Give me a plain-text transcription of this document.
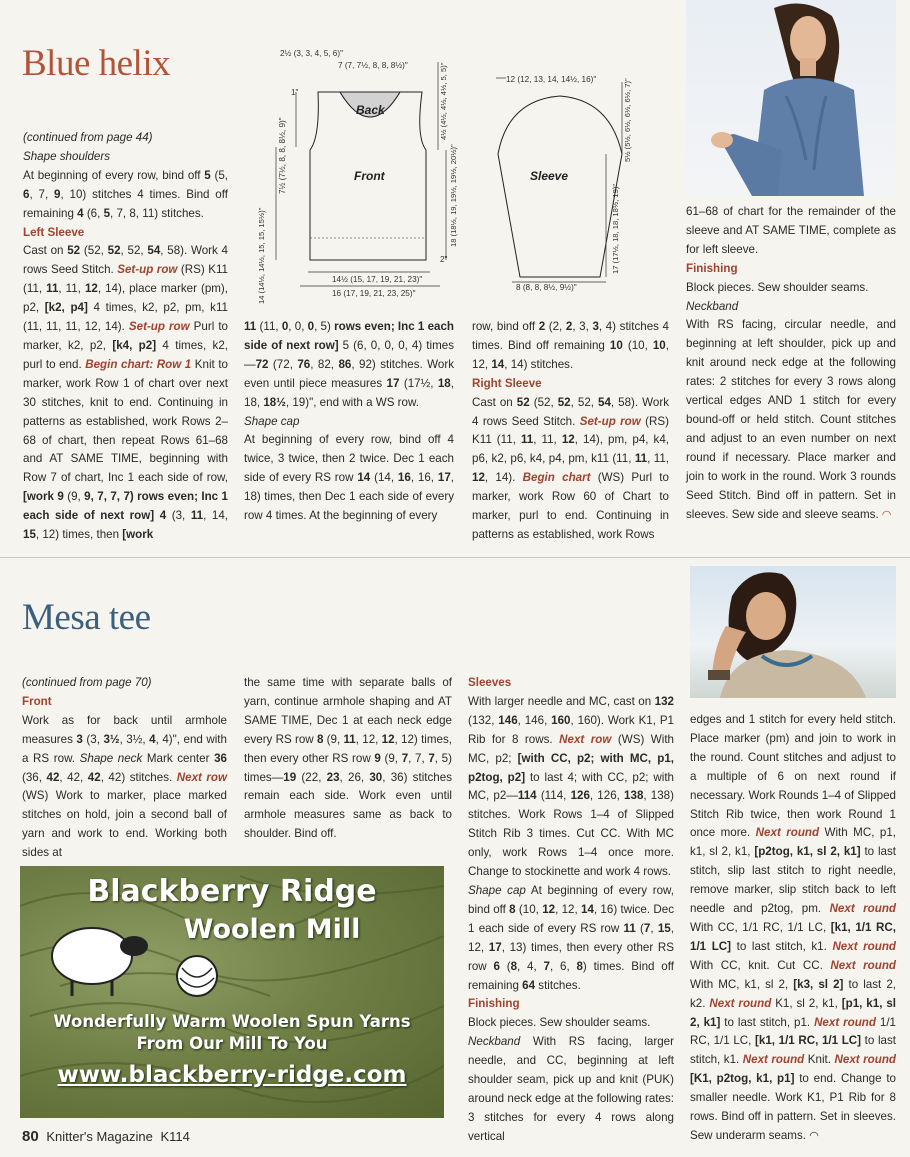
Blue helix	2½ (3, 3, 4, 5, 6)"
7 (7, 7½, 8, 8, 8½)"
1"
7½ (7½, 8, 8, 8½, 9)"
14 (14½, 14½, 15, 15, 15½)"	14½ (15, 17, 19, 21, 23)"
16 (17, 19, 21, 23, 25)"
2"
18 (18½, 19, 19½, 19½, 20½)"
4½ (4½, 4½, 4½, 5, 5)"	12 (12, 13, 14, 14½, 16)"	5½ (5½, 6½, 6½, 6½, 7)"
17 (17½, 18, 18, 18½, 19)"
8 (8, 8, 8½, 9½)"
Back
Front	Sleeve

(continued from page 44)

Shape shoulders

At beginning of every row, bind off 5 (5, 6, 7, 9, 10) stitches 4 times. Bind off remaining 4 (6, 5, 7, 8, 11) stitches.

Left Sleeve

Cast on 52 (52, 52, 52, 54, 58). Work 4 rows Seed Stitch. Set-up row (RS) K11 (11, 11, 11, 12, 14), place marker (pm), p2, [k2, p4] 4 times, k2, p2, pm, k11 (11, 11, 11, 12, 14). Set-up row Purl to marker, k2, p2, [k4, p2] 4 times, k2, purl to end. Begin chart: Row 1 Knit to marker, work Row 1 of chart over next 30 stitches, knit to end. Continuing in patterns as established, work Rows 2–68 of chart, then repeat Rows 61–68 and AT SAME TIME, beginning with Row 7 of chart, Inc 1 each side of row, [work 9 (9, 9, 7, 7, 7) rows even; Inc 1 each side of next row] 4 (3, 11, 14, 15, 12) times, then [work

11 (11, 0, 0, 0, 5) rows even; Inc 1 each side of next row] 5 (6, 0, 0, 0, 4) times—72 (72, 76, 82, 86, 92) stitches. Work even until piece measures 17 (17½, 18, 18, 18½, 19)", end with a WS row.

Shape cap

At beginning of every row, bind off 4 twice, 3 twice, then 2 twice. Dec 1 each side of every RS row 14 (14, 16, 16, 17, 18) times, then Dec 1 each side of every row 4 times. At the beginning of every

row, bind off 2 (2, 2, 3, 3, 4) stitches 4 times. Bind off remaining 10 (10, 10, 12, 14, 14) stitches.

Right Sleeve

Cast on 52 (52, 52, 52, 54, 58). Work 4 rows Seed Stitch. Set-up row (RS) K11 (11, 11, 11, 12, 14), pm, p4, k4, p6, k2, p6, k4, p4, pm, k11 (11, 11, 11, 12, 14). Begin chart (WS) Purl to marker, work Row 60 of Chart to marker, purl to end. Continuing in patterns as established, work Rows

61–68 of chart for the remainder of the sleeve and AT SAME TIME, complete as for left sleeve.

Finishing

Block pieces. Sew shoulder seams.

Neckband

With RS facing, circular needle, and beginning at left shoulder, pick up and knit around neck edge at the following rates: 2 stitches for every 3 rows along vertical edges AND 1 stitch for every bound-off or held stitch. Count stitches and adjust to an even number on next round if necessary. Place marker and join to work in the round. Work 3 rounds Seed Stitch. Bind off in pattern. Set in sleeves. Sew side and sleeve seams. ◠

Mesa tee

(continued from page 70)

Front

Work as for back until armhole measures 3 (3, 3½, 3½, 4, 4)", end with a RS row. Shape neck Mark center 36 (36, 42, 42, 42, 42) stitches. Next row (WS) Work to marker, place marked stitches on hold, join a second ball of yarn and work to end. Working both sides at

the same time with separate balls of yarn, continue armhole shaping and AT SAME TIME, Dec 1 at each neck edge every RS row 8 (9, 11, 12, 12, 12) times, then every other RS row 9 (9, 7, 7, 7, 5) times—19 (22, 23, 26, 30, 36) stitches remain each side. Work even until armhole measures same as back to shoulder. Bind off.

Blackberry Ridge
Woolen Mill
Wonderfully Warm Woolen Spun Yarns
From Our Mill To You
www.blackberry-ridge.com

Sleeves

With larger needle and MC, cast on 132 (132, 146, 146, 160, 160). Work K1, P1 Rib for 8 rows. Next row (WS) With MC, p2; [with CC, p2; with MC, p1, p2tog, p2] to last 4; with CC, p2; with MC, p2—114 (114, 126, 126, 138, 138) stitches. Work Rows 1–4 of Slipped Stitch Rib 3 times. Cut CC. With MC only, work Rows 1–4 once more. Change to stockinette and work 4 rows.

Shape cap At beginning of every row, bind off 8 (10, 12, 12, 14, 16) twice. Dec 1 each side of every RS row 11 (7, 15, 12, 17, 13) times, then every other RS row 6 (8, 4, 7, 6, 8) times. Bind off remaining 64 stitches.

Finishing

Block pieces. Sew shoulder seams.

Neckband With RS facing, larger needle, and CC, beginning at left shoulder seam, pick up and knit (PUK) around neck edge at the following rates: 3 stitches for every 4 rows along vertical

edges and 1 stitch for every held stitch. Place marker (pm) and join to work in the round. Count stitches and adjust to a multiple of 6 on next round if necessary. Work Rounds 1–4 of Slipped Stitch Rib twice, then work Round 1 once more. Next round With MC, p1, k1, sl 2, k1, [p2tog, k1, sl 2, k1] to last stitch, slip last stitch to right needle, remove marker, slip stitch back to left needle and p2tog, pm. Next round With CC, 1/1 RC, 1/1 LC, [k1, 1/1 RC, 1/1 LC] to last stitch, k1. Next round With CC, knit. Cut CC. Next round With MC, k1, sl 2, [k3, sl 2] to last 2, k2. Next round K1, sl 2, k1, [p1, k1, sl 2, k1] to last stitch, p1. Next round 1/1 RC, 1/1 LC, [k1, 1/1 RC, 1/1 LC] to last stitch, k1. Next round Knit. Next round [K1, p2tog, k1, p1] to end. Change to smaller needle. Work K1, P1 Rib for 8 rows. Bind off in pattern. Set in sleeves. Sew underarm seams. ◠

80 Knitter's Magazine K114
